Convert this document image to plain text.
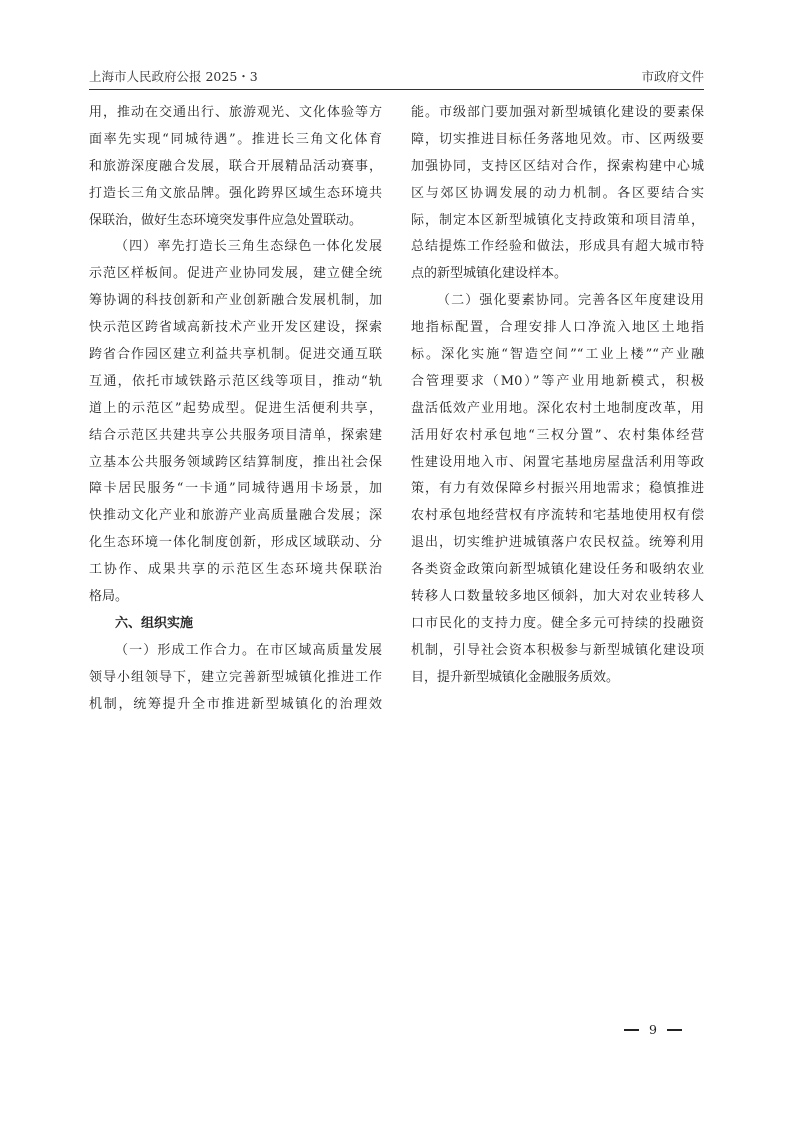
上海市人民政府公报 2025・3	市政府文件
用，推动在交通出行、旅游观光、文化体验等方
面率先实现“同城待遇”。推进长三角文化体育
和旅游深度融合发展，联合开展精品活动赛事，
打造长三角文旅品牌。强化跨界区域生态环境共
保联治，做好生态环境突发事件应急处置联动。
（四）率先打造长三角生态绿色一体化发展
示范区样板间。促进产业协同发展，建立健全统
筹协调的科技创新和产业创新融合发展机制，加
快示范区跨省域高新技术产业开发区建设，探索
跨省合作园区建立利益共享机制。促进交通互联
互通，依托市域铁路示范区线等项目，推动“轨
道上的示范区”起势成型。促进生活便利共享，
结合示范区共建共享公共服务项目清单，探索建
立基本公共服务领域跨区结算制度，推出社会保
障卡居民服务“一卡通”同城待遇用卡场景，加
快推动文化产业和旅游产业高质量融合发展；深
化生态环境一体化制度创新，形成区域联动、分
工协作、成果共享的示范区生态环境共保联治
格局。
六、组织实施
（一）形成工作合力。在市区域高质量发展
领导小组领导下，建立完善新型城镇化推进工作
机制，统筹提升全市推进新型城镇化的治理效
能。市级部门要加强对新型城镇化建设的要素保
障，切实推进目标任务落地见效。市、区两级要
加强协同，支持区区结对合作，探索构建中心城
区与郊区协调发展的动力机制。各区要结合实
际，制定本区新型城镇化支持政策和项目清单，
总结提炼工作经验和做法，形成具有超大城市特
点的新型城镇化建设样本。
（二）强化要素协同。完善各区年度建设用
地指标配置，合理安排人口净流入地区土地指
标。深化实施“智造空间”“工业上楼”“产业融
合管理要求（M0）”等产业用地新模式，积极
盘活低效产业用地。深化农村土地制度改革，用
活用好农村承包地“三权分置”、农村集体经营
性建设用地入市、闲置宅基地房屋盘活利用等政
策，有力有效保障乡村振兴用地需求；稳慎推进
农村承包地经营权有序流转和宅基地使用权有偿
退出，切实维护进城镇落户农民权益。统筹利用
各类资金政策向新型城镇化建设任务和吸纳农业
转移人口数量较多地区倾斜，加大对农业转移人
口市民化的支持力度。健全多元可持续的投融资
机制，引导社会资本积极参与新型城镇化建设项
目，提升新型城镇化金融服务质效。
9
